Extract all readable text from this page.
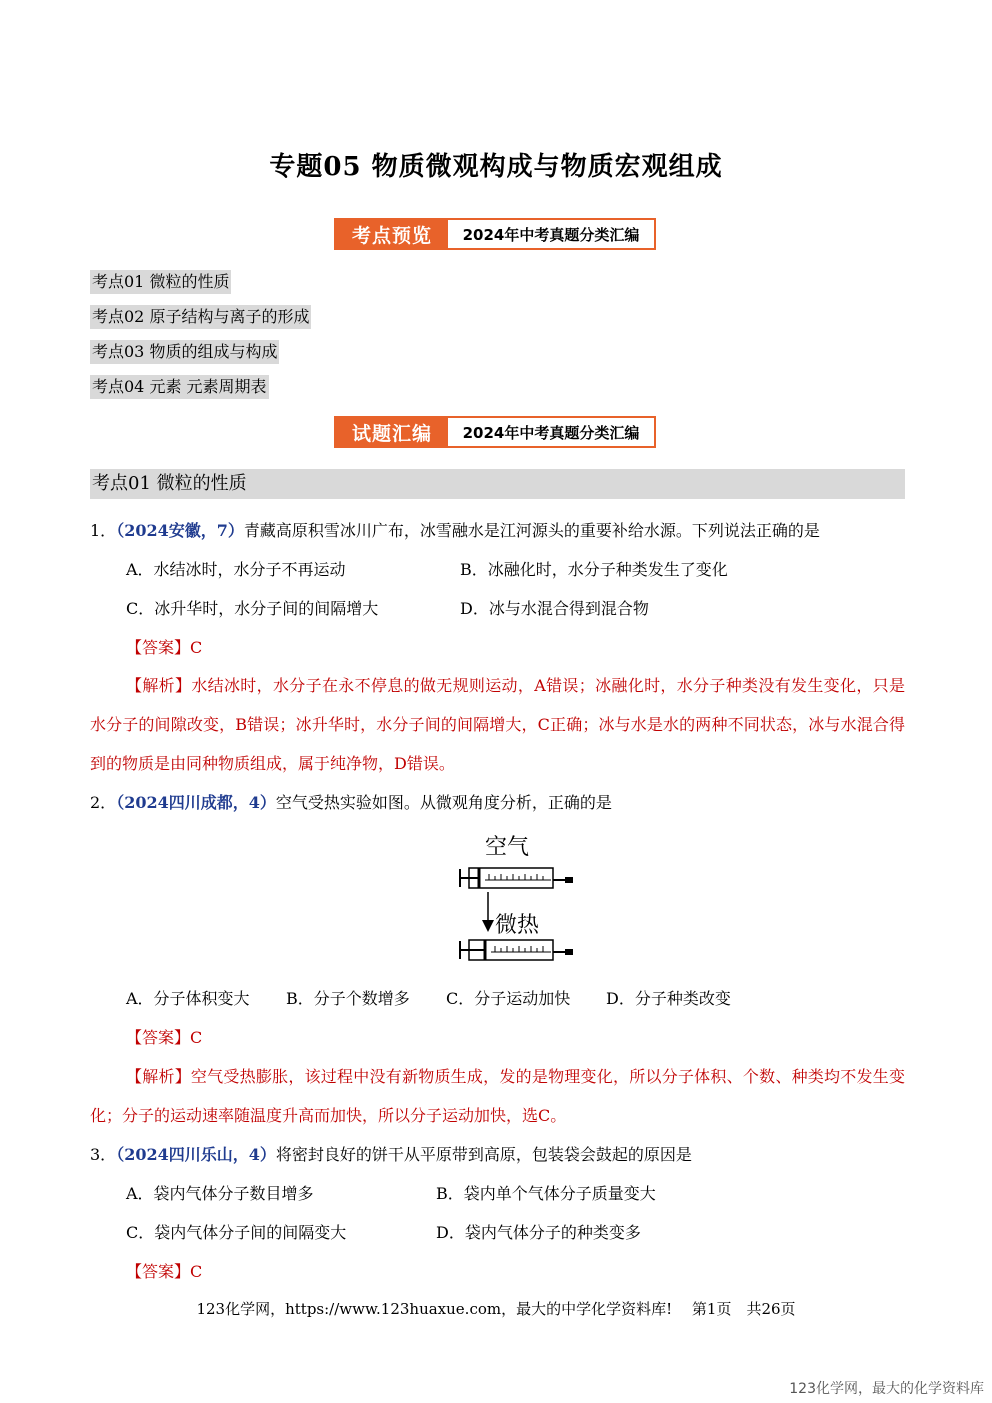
专题05 物质微观构成与物质宏观组成
考点预览	2024年中考真题分类汇编
考点01 微粒的性质
考点02 原子结构与离子的形成
考点03 物质的组成与构成
考点04 元素 元素周期表
试题汇编	2024年中考真题分类汇编
考点01 微粒的性质
1．（2024安徽，7）青藏高原积雪冰川广布，冰雪融水是江河源头的重要补给水源。下列说法正确的是
A．水结冰时，水分子不再运动	B．冰融化时，水分子种类发生了变化
C．冰升华时，水分子间的间隔增大	D．冰与水混合得到混合物
【答案】C
【解析】水结冰时，水分子在永不停息的做无规则运动，A错误；冰融化时，水分子种类没有发生变化，只是水分子的间隙改变，B错误；冰升华时，水分子间的间隔增大，C正确；冰与水是水的两种不同状态，冰与水混合得到的物质是由同种物质组成，属于纯净物，D错误。
2．（2024四川成都，4）空气受热实验如图。从微观角度分析，正确的是
空气
微热
A．分子体积变大 B．分子个数增多 C．分子运动加快 D．分子种类改变
【答案】C
【解析】空气受热膨胀，该过程中没有新物质生成，发的是物理变化，所以分子体积、个数、种类均不发生变化；分子的运动速率随温度升高而加快，所以分子运动加快，选C。
3．（2024四川乐山，4）将密封良好的饼干从平原带到高原，包装袋会鼓起的原因是
A．袋内气体分子数目增多	B．袋内单个气体分子质量变大
C．袋内气体分子间的间隔变大	D．袋内气体分子的种类变多
【答案】C
123化学网，https://www.123huaxue.com，最大的中学化学资料库!　 第1页　共26页
123化学网，最大的化学资料库
